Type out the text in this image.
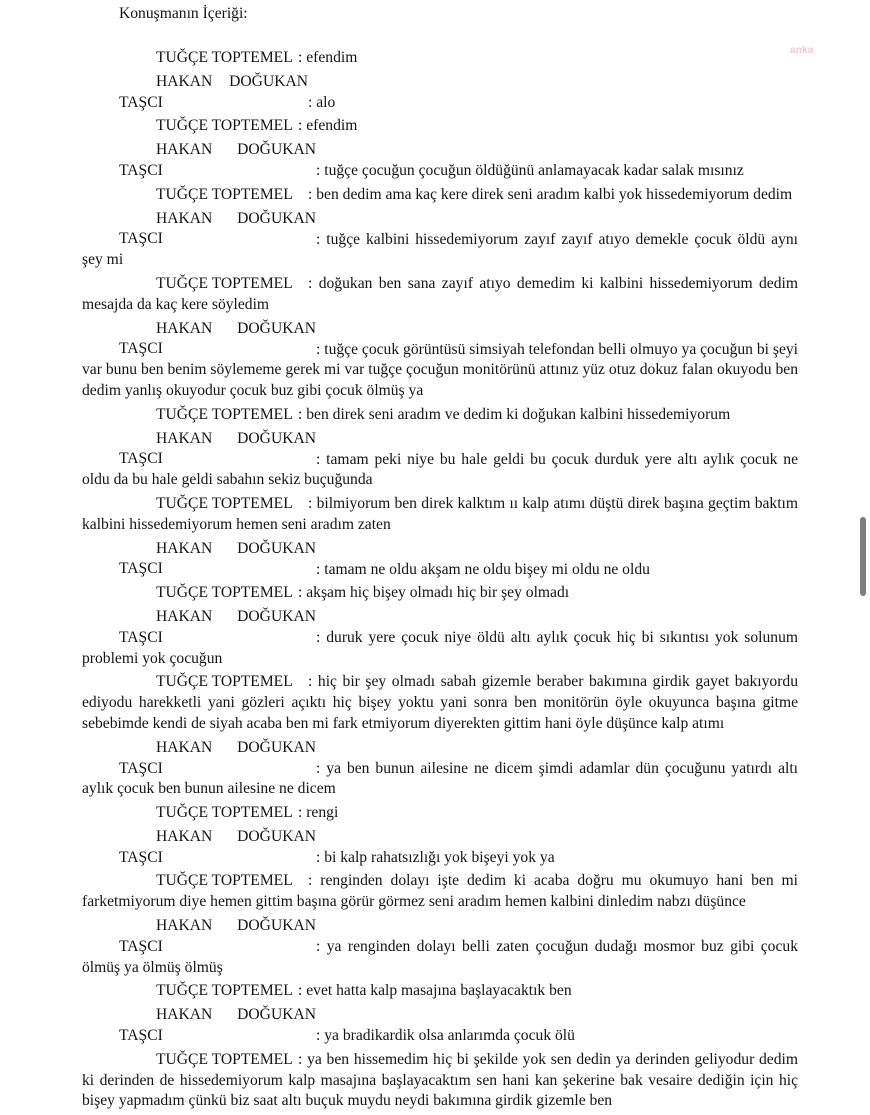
Konuşmanın İçeriği:
anka

TUĞÇE TOPTEMEL : efendim

HAKAN DOĞUKAN TAŞCI	: alo

TUĞÇE TOPTEMEL : efendim

HAKAN DOĞUKAN TAŞCI	: tuğçe çocuğun çocuğun öldüğünü anlamayacak kadar salak mısınız

TUĞÇE TOPTEMEL : ben dedim ama kaç kere direk seni aradım kalbi yok hissedemiyorum dedim

HAKAN DOĞUKAN TAŞCI	: tuğçe kalbini hissedemiyorum zayıf zayıf atıyo demekle çocuk öldü aynı şey mi

TUĞÇE TOPTEMEL : doğukan ben sana zayıf atıyo demedim ki kalbini hissedemiyorum dedim mesajda da kaç kere söyledim

HAKAN DOĞUKAN TAŞCI	: tuğçe çocuk görüntüsü simsiyah telefondan belli olmuyo ya çocuğun bi şeyi var bunu ben benim söylememe gerek mi var tuğçe çocuğun monitörünü attınız yüz otuz dokuz falan okuyodu ben dedim yanlış okuyodur çocuk buz gibi çocuk ölmüş ya

TUĞÇE TOPTEMEL : ben direk seni aradım ve dedim ki doğukan kalbini hissedemiyorum

HAKAN DOĞUKAN TAŞCI	: tamam peki niye bu hale geldi bu çocuk durduk yere altı aylık çocuk ne oldu da bu hale geldi sabahın sekiz buçuğunda

TUĞÇE TOPTEMEL : bilmiyorum ben direk kalktım ıı kalp atımı düştü direk başına geçtim baktım kalbini hissedemiyorum hemen seni aradım zaten

HAKAN DOĞUKAN TAŞCI	: tamam ne oldu akşam ne oldu bişey mi oldu ne oldu

TUĞÇE TOPTEMEL : akşam hiç bişey olmadı hiç bir şey olmadı

HAKAN DOĞUKAN TAŞCI	: duruk yere çocuk niye öldü altı aylık çocuk hiç bi sıkıntısı yok solunum problemi yok çocuğun

TUĞÇE TOPTEMEL : hiç bir şey olmadı sabah gizemle beraber bakımına girdik gayet bakıyordu ediyodu harekketli yani gözleri açıktı hiç bişey yoktu yani sonra ben monitörün öyle okuyunca başına gitme sebebimde kendi de siyah acaba ben mi fark etmiyorum diyerekten gittim hani öyle düşünce kalp atımı

HAKAN DOĞUKAN TAŞCI	: ya ben bunun ailesine ne dicem şimdi adamlar dün çocuğunu yatırdı altı aylık çocuk ben bunun ailesine ne dicem

TUĞÇE TOPTEMEL : rengi

HAKAN DOĞUKAN TAŞCI	: bi kalp rahatsızlığı yok bişeyi yok ya

TUĞÇE TOPTEMEL : renginden dolayı işte dedim ki acaba doğru mu okumuyo hani ben mi farketmiyorum diye hemen gittim başına görür görmez seni aradım hemen kalbini dinledim nabzı düşünce

HAKAN DOĞUKAN TAŞCI	: ya renginden dolayı belli zaten çocuğun dudağı mosmor buz gibi çocuk ölmüş ya ölmüş ölmüş

TUĞÇE TOPTEMEL : evet hatta kalp masajına başlayacaktık ben

HAKAN DOĞUKAN TAŞCI	: ya bradikardik olsa anlarımda çocuk ölü

TUĞÇE TOPTEMEL : ya ben hissemedim hiç bi şekilde yok sen dedin ya derinden geliyodur dedim ki derinden de hissedemiyorum kalp masajına başlayacaktım sen hani kan şekerine bak vesaire dediğin için hiç bişey yapmadım çünkü biz saat altı buçuk muydu neydi bakımına girdik gizemle ben
